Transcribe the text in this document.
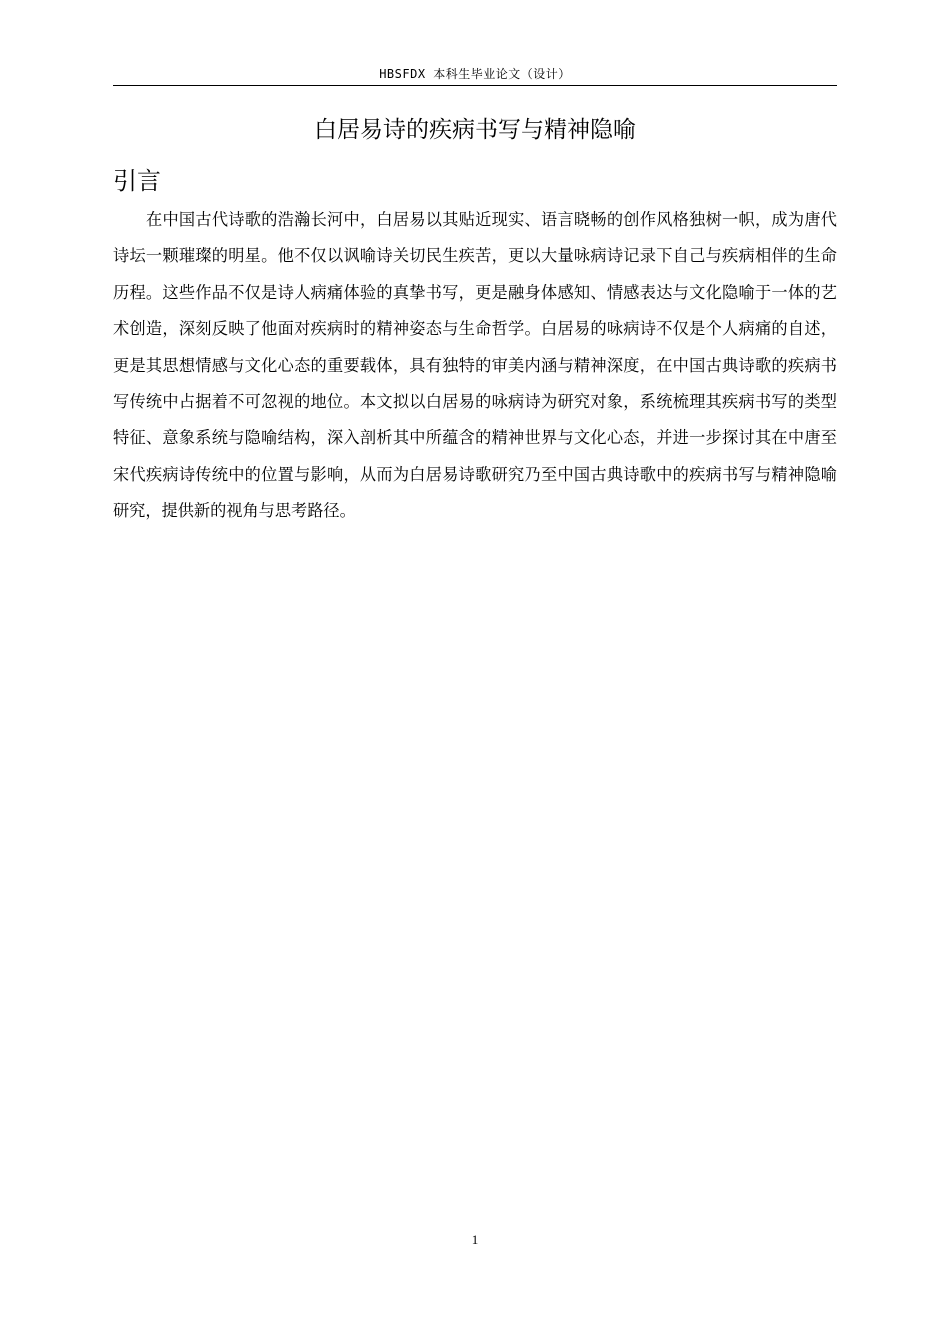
HBSFDX 本科生毕业论文（设计）
白居易诗的疾病书写与精神隐喻
引言

在中国古代诗歌的浩瀚长河中，白居易以其贴近现实、语言晓畅的创作风格独树一帜，成为唐代诗坛一颗璀璨的明星。他不仅以讽喻诗关切民生疾苦，更以大量咏病诗记录下自己与疾病相伴的生命历程。这些作品不仅是诗人病痛体验的真挚书写，更是融身体感知、情感表达与文化隐喻于一体的艺术创造，深刻反映了他面对疾病时的精神姿态与生命哲学。白居易的咏病诗不仅是个人病痛的自述，更是其思想情感与文化心态的重要载体，具有独特的审美内涵与精神深度，在中国古典诗歌的疾病书写传统中占据着不可忽视的地位。本文拟以白居易的咏病诗为研究对象，系统梳理其疾病书写的类型特征、意象系统与隐喻结构，深入剖析其中所蕴含的精神世界与文化心态，并进一步探讨其在中唐至宋代疾病诗传统中的位置与影响，从而为白居易诗歌研究乃至中国古典诗歌中的疾病书写与精神隐喻研究，提供新的视角与思考路径。

1
